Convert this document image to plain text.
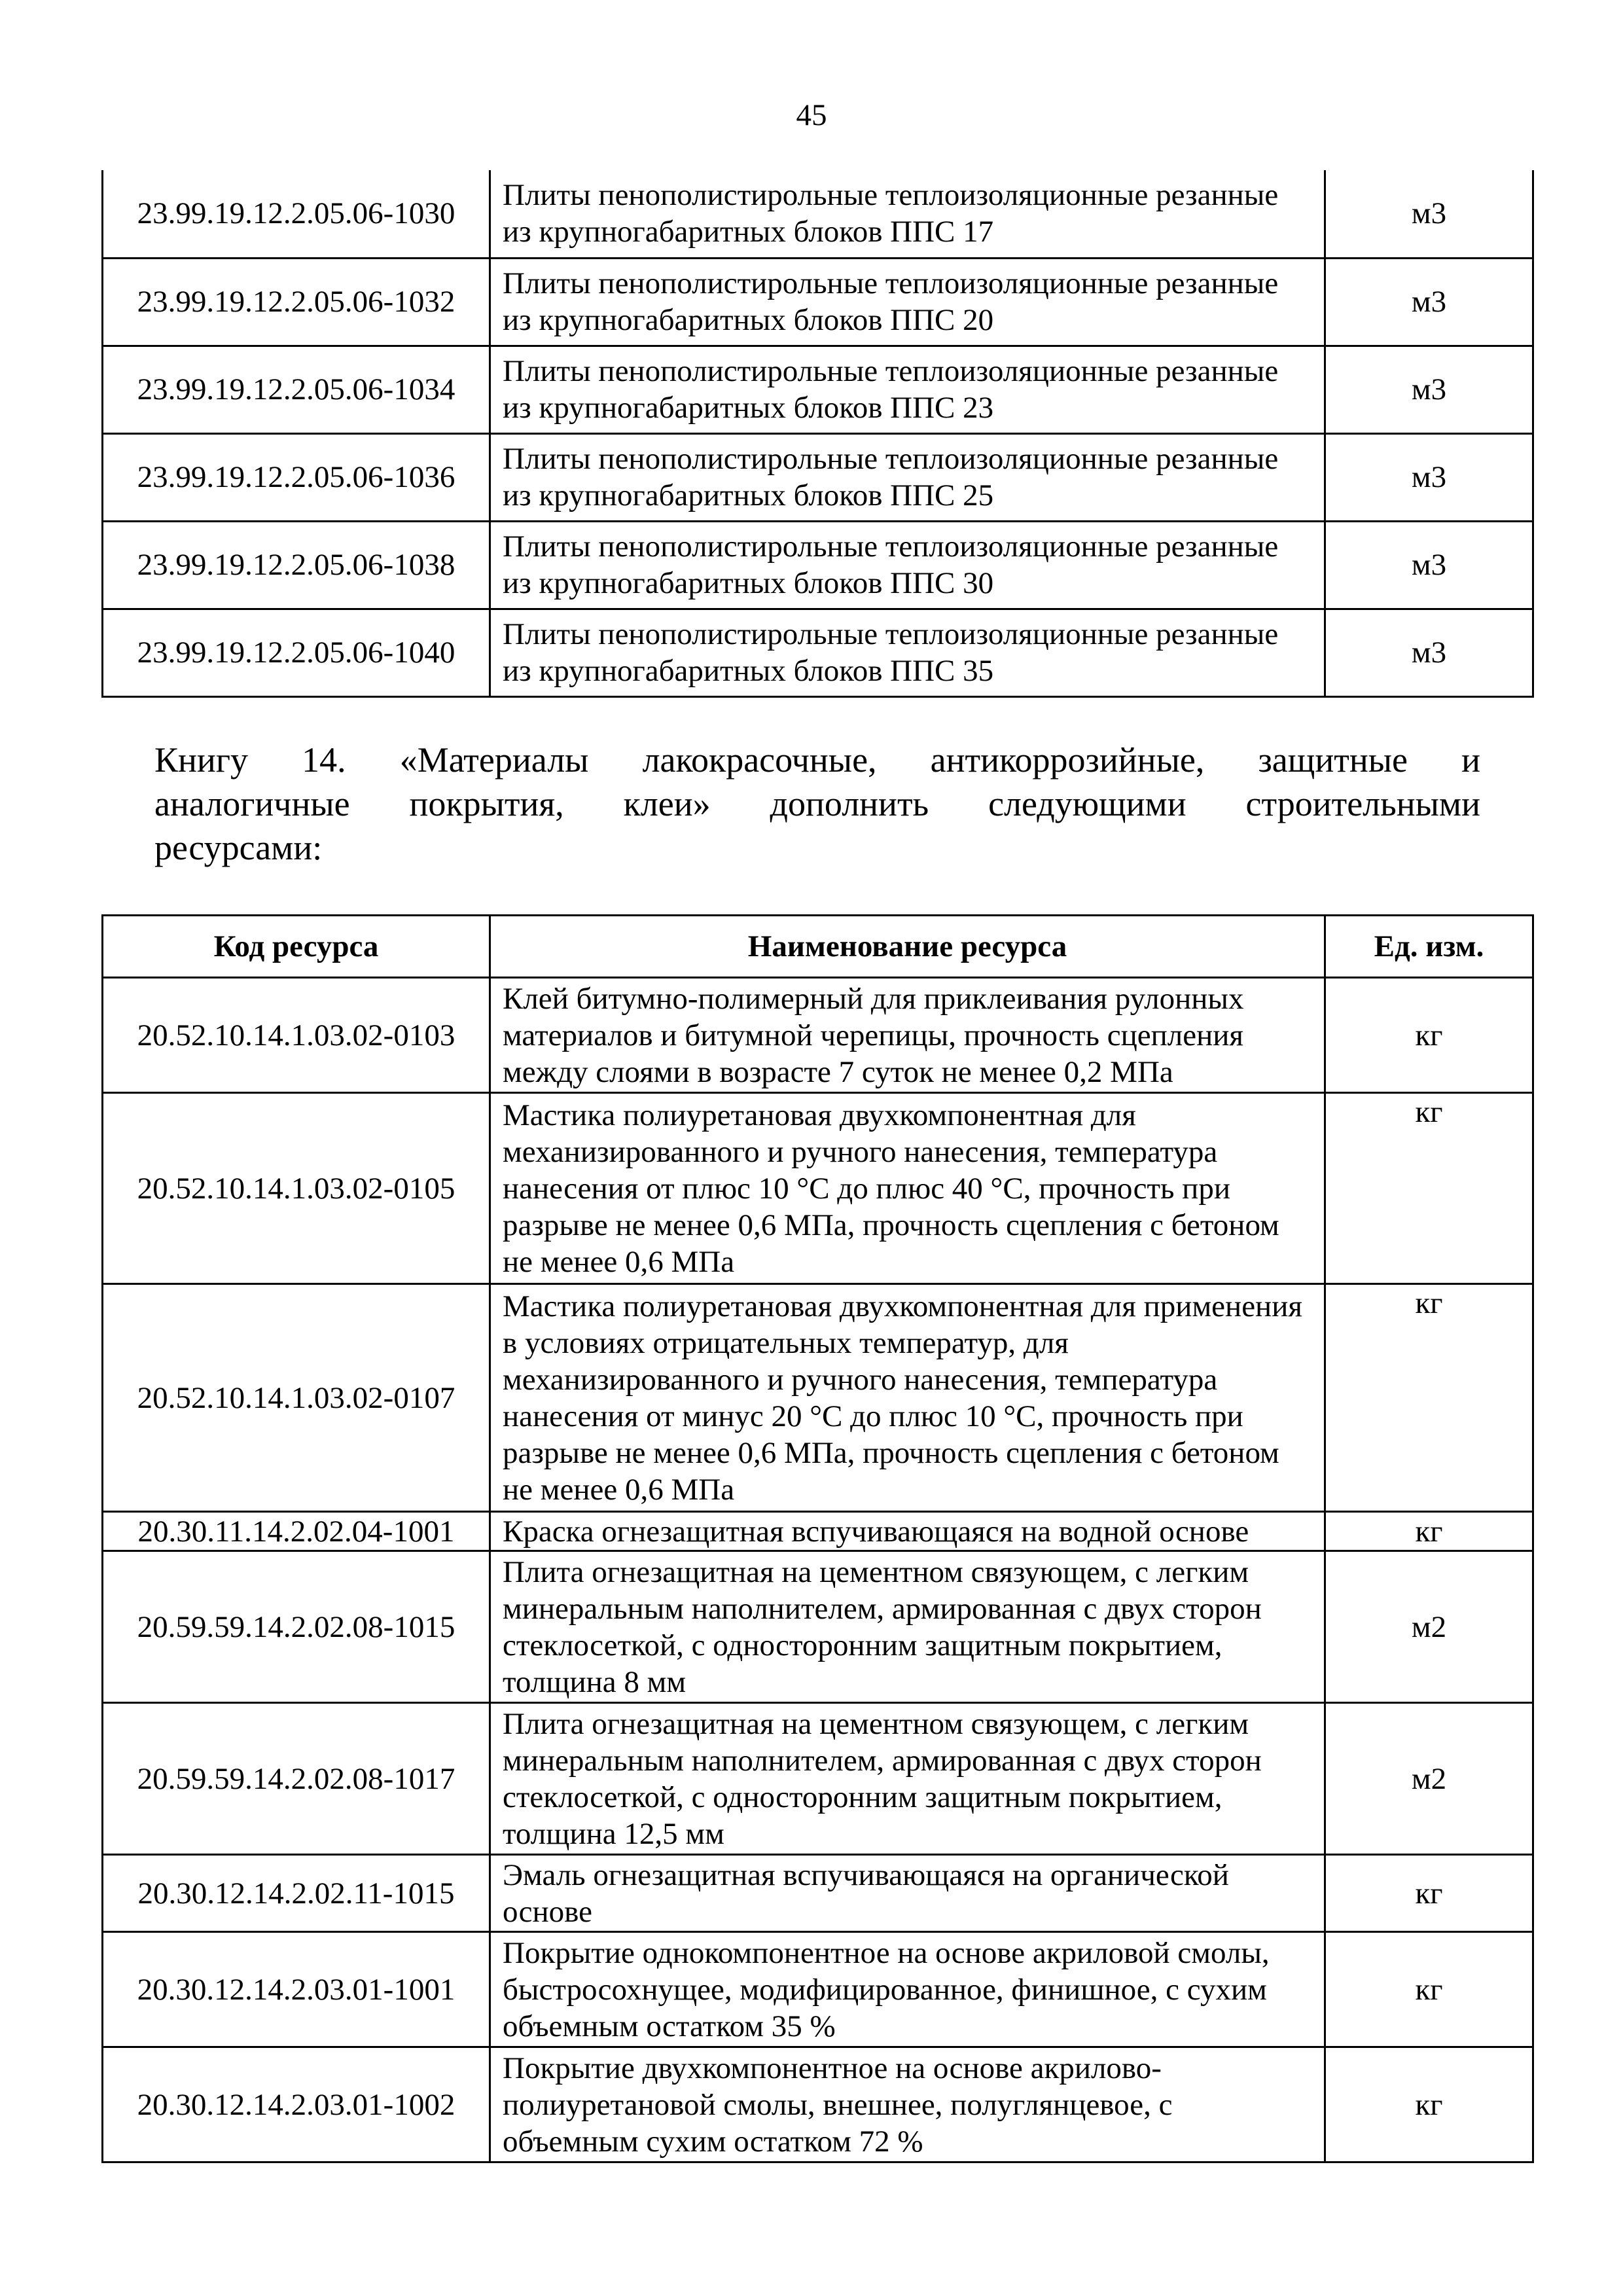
45
23.99.19.12.2.05.06-1030	Плиты пенополистирольные теплоизоляционные резанные из крупногабаритных блоков ППС 17	м3
23.99.19.12.2.05.06-1032	Плиты пенополистирольные теплоизоляционные резанные из крупногабаритных блоков ППС 20	м3
23.99.19.12.2.05.06-1034	Плиты пенополистирольные теплоизоляционные резанные из крупногабаритных блоков ППС 23	м3
23.99.19.12.2.05.06-1036	Плиты пенополистирольные теплоизоляционные резанные из крупногабаритных блоков ППС 25	м3
23.99.19.12.2.05.06-1038	Плиты пенополистирольные теплоизоляционные резанные из крупногабаритных блоков ППС 30	м3
23.99.19.12.2.05.06-1040	Плиты пенополистирольные теплоизоляционные резанные из крупногабаритных блоков ППС 35	м3
Книгу 14. «Материалы лакокрасочные, антикоррозийные, защитные и
аналогичные покрытия, клеи» дополнить следующими строительными
ресурсами:
Код ресурса	Наименование ресурса	Ед. изм.
20.52.10.14.1.03.02-0103	Клей битумно-полимерный для приклеивания рулонных материалов и битумной черепицы, прочность сцепления между слоями в возрасте 7 суток не менее 0,2 МПа	кг
20.52.10.14.1.03.02-0105	Мастика полиуретановая двухкомпонентная для механизированного и ручного нанесения, температура нанесения от плюс 10 °С до плюс 40 °С, прочность при разрыве не менее 0,6 МПа, прочность сцепления с бетоном не менее 0,6 МПа	кг
20.52.10.14.1.03.02-0107	Мастика полиуретановая двухкомпонентная для применения в условиях отрицательных температур, для механизированного и ручного нанесения, температура нанесения от минус 20 °С до плюс 10 °С, прочность при разрыве не менее 0,6 МПа, прочность сцепления с бетоном не менее 0,6 МПа	кг
20.30.11.14.2.02.04-1001	Краска огнезащитная вспучивающаяся на водной основе	кг
20.59.59.14.2.02.08-1015	Плита огнезащитная на цементном связующем, с легким минеральным наполнителем, армированная с двух сторон стеклосеткой, с односторонним защитным покрытием, толщина 8 мм	м2
20.59.59.14.2.02.08-1017	Плита огнезащитная на цементном связующем, с легким минеральным наполнителем, армированная с двух сторон стеклосеткой, с односторонним защитным покрытием, толщина 12,5 мм	м2
20.30.12.14.2.02.11-1015	Эмаль огнезащитная вспучивающаяся на органической основе	кг
20.30.12.14.2.03.01-1001	Покрытие однокомпонентное на основе акриловой смолы, быстросохнущее, модифицированное, финишное, с сухим объемным остатком 35 %	кг
20.30.12.14.2.03.01-1002	Покрытие двухкомпонентное на основе акрилово-полиуретановой смолы, внешнее, полуглянцевое, с объемным сухим остатком 72 %	кг
